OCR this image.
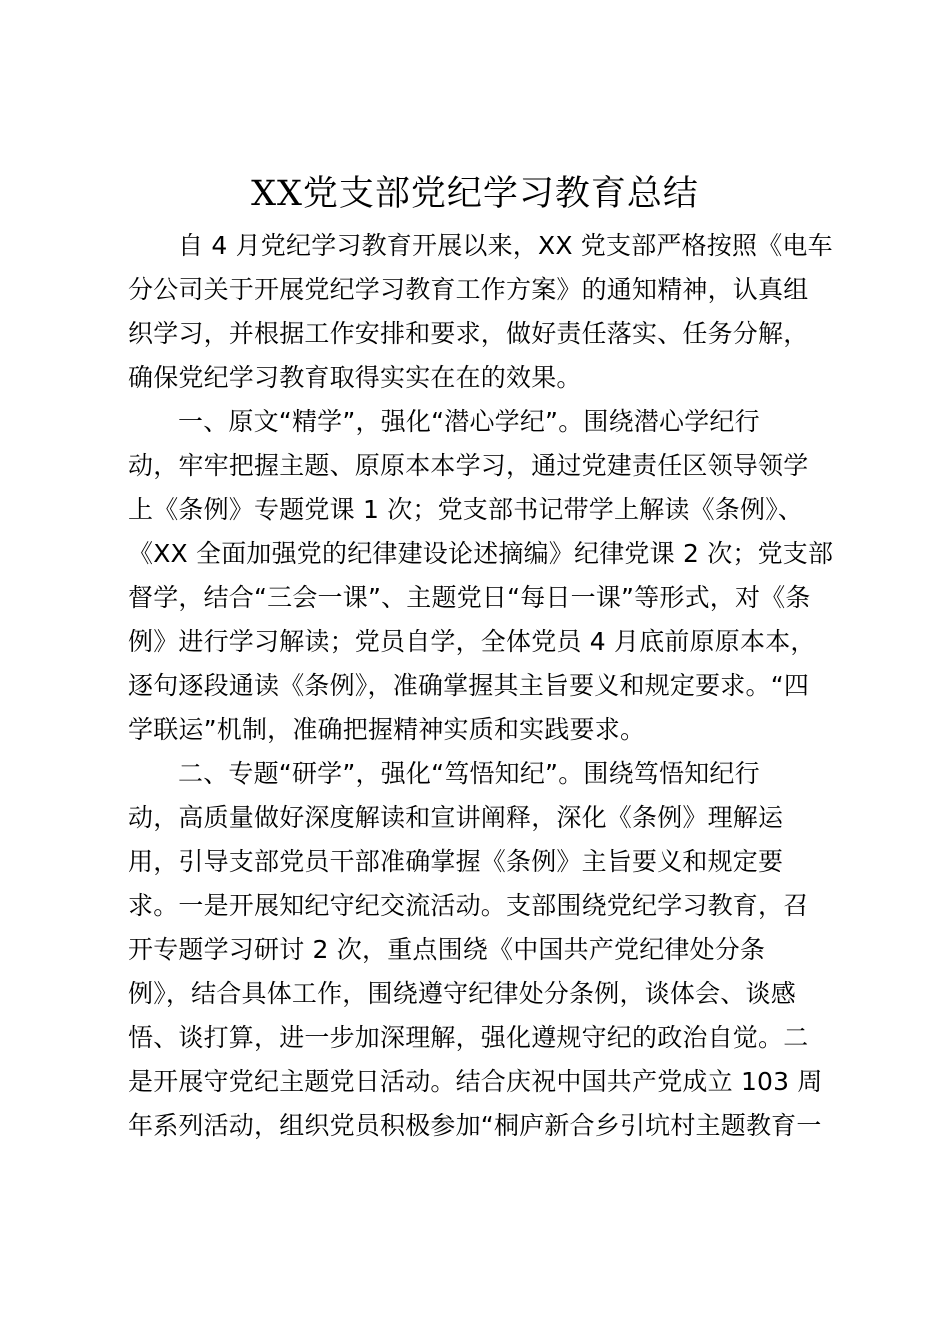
XX党支部党纪学习教育总结
自 4 月党纪学习教育开展以来，XX 党支部严格按照《电车
分公司关于开展党纪学习教育工作方案》的通知精神，认真组
织学习，并根据工作安排和要求，做好责任落实、任务分解，
确保党纪学习教育取得实实在在的效果。
一、原文“精学”，强化“潜心学纪”。围绕潜心学纪行
动，牢牢把握主题、原原本本学习，通过党建责任区领导领学
上《条例》专题党课 1 次；党支部书记带学上解读《条例》、
《XX 全面加强党的纪律建设论述摘编》纪律党课 2 次；党支部
督学，结合“三会一课”、主题党日“每日一课”等形式，对《条
例》进行学习解读；党员自学，全体党员 4 月底前原原本本，
逐句逐段通读《条例》，准确掌握其主旨要义和规定要求。“四
学联运”机制，准确把握精神实质和实践要求。
二、专题“研学”，强化“笃悟知纪”。围绕笃悟知纪行
动，高质量做好深度解读和宣讲阐释，深化《条例》理解运
用，引导支部党员干部准确掌握《条例》主旨要义和规定要
求。一是开展知纪守纪交流活动。支部围绕党纪学习教育，召
开专题学习研讨 2 次，重点围绕《中国共产党纪律处分条
例》，结合具体工作，围绕遵守纪律处分条例，谈体会、谈感
悟、谈打算，进一步加深理解，强化遵规守纪的政治自觉。二
是开展守党纪主题党日活动。结合庆祝中国共产党成立 103 周
年系列活动，组织党员积极参加“桐庐新合乡引坑村主题教育一
